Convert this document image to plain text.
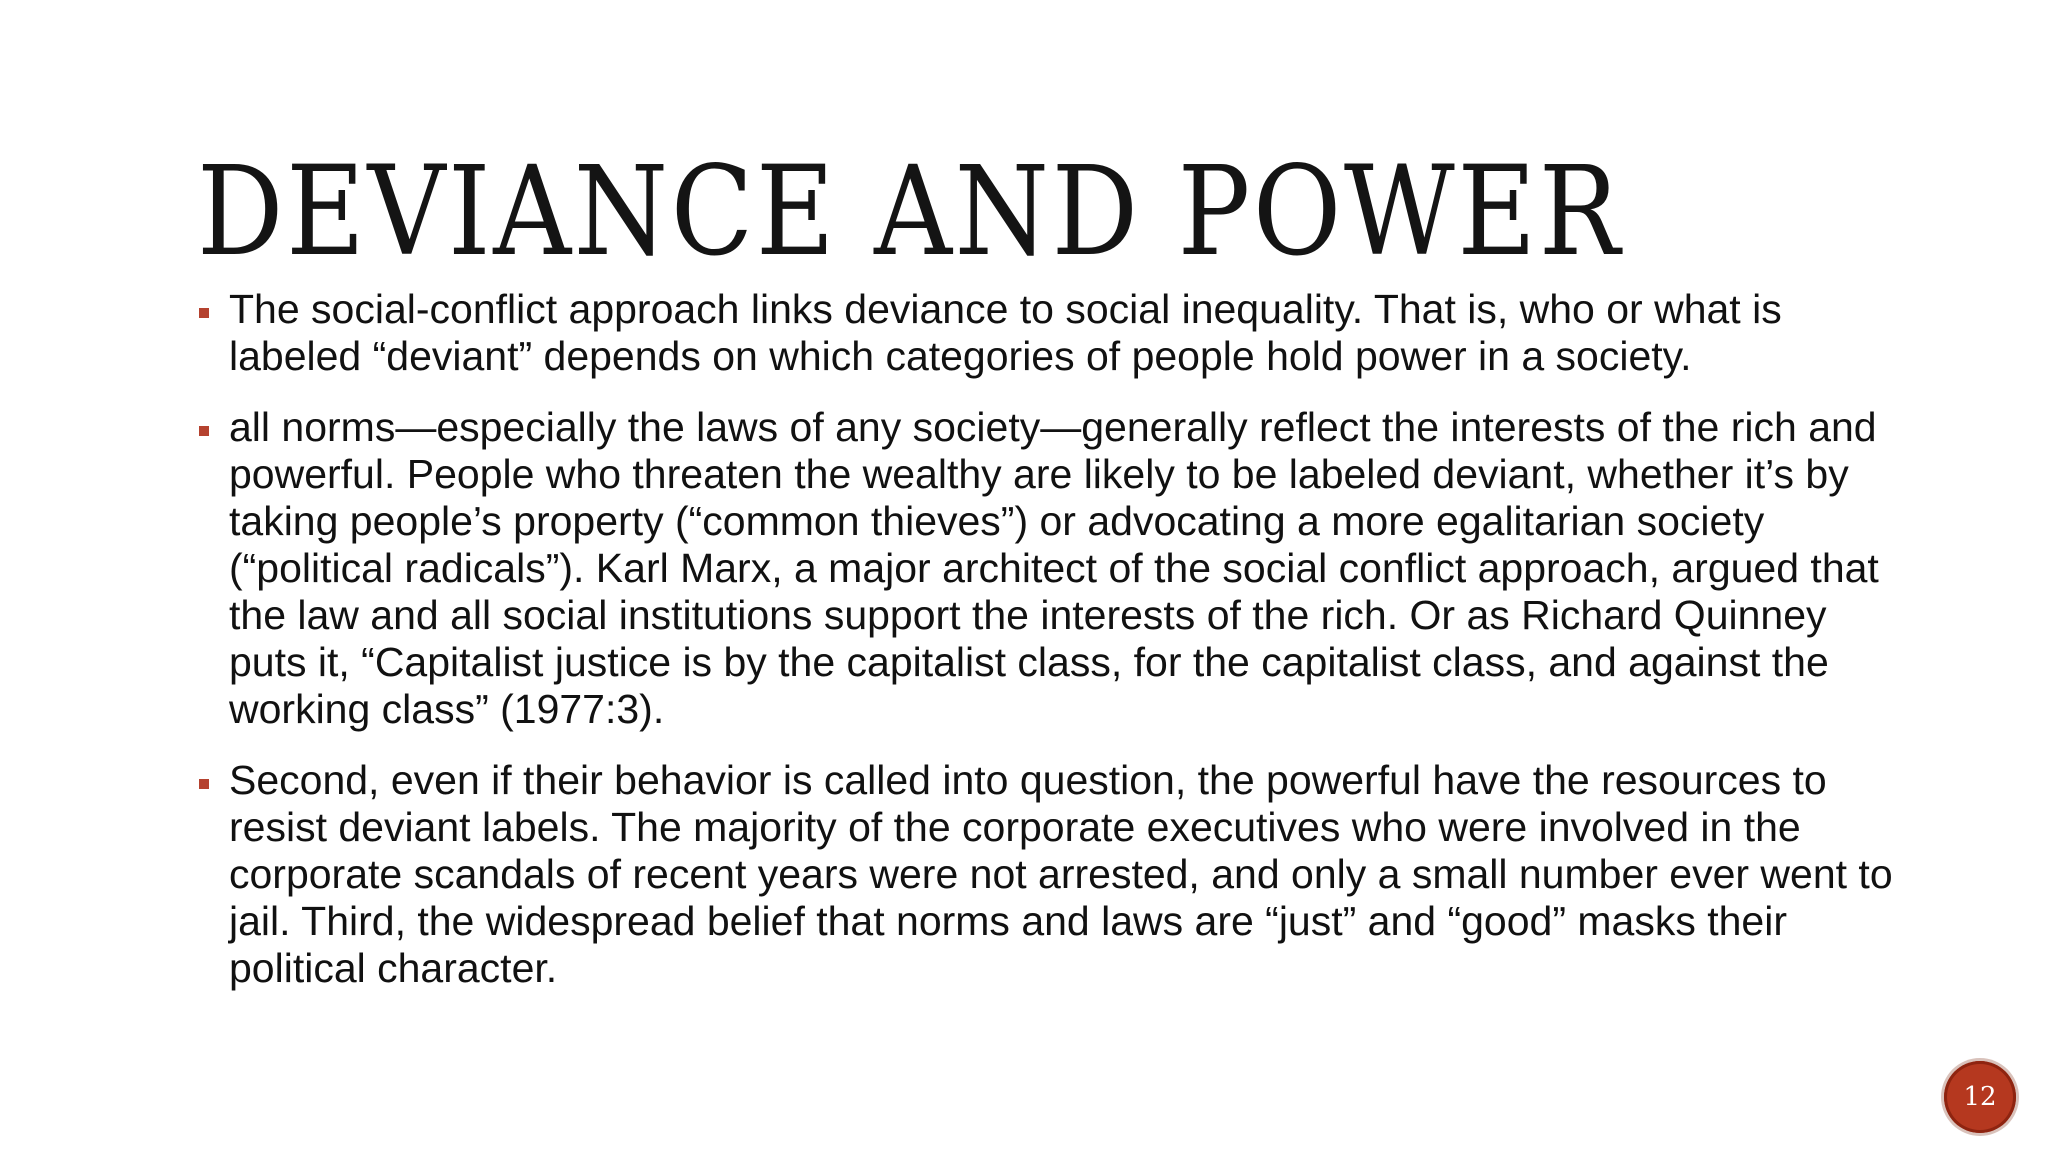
DEVIANCE AND POWER
The social-conflict approach links deviance to social inequality. That is, who or what is labeled “deviant” depends on which categories of people hold power in a society.
all norms—especially the laws of any society—generally reflect the interests of the rich and powerful. People who threaten the wealthy are likely to be labeled deviant, whether it’s by taking people’s property (“common thieves”) or advocating a more egalitarian society (“political radicals”). Karl Marx, a major architect of the social conflict approach, argued that the law and all social institutions support the interests of the rich. Or as Richard Quinney puts it, “Capitalist justice is by the capitalist class, for the capitalist class, and against the working class” (1977:3).
Second, even if their behavior is called into question, the powerful have the resources to resist deviant labels. The majority of the corporate executives who were involved in the corporate scandals of recent years were not arrested, and only a small number ever went to jail. Third, the widespread belief that norms and laws are “just” and “good” masks their political character.
12
